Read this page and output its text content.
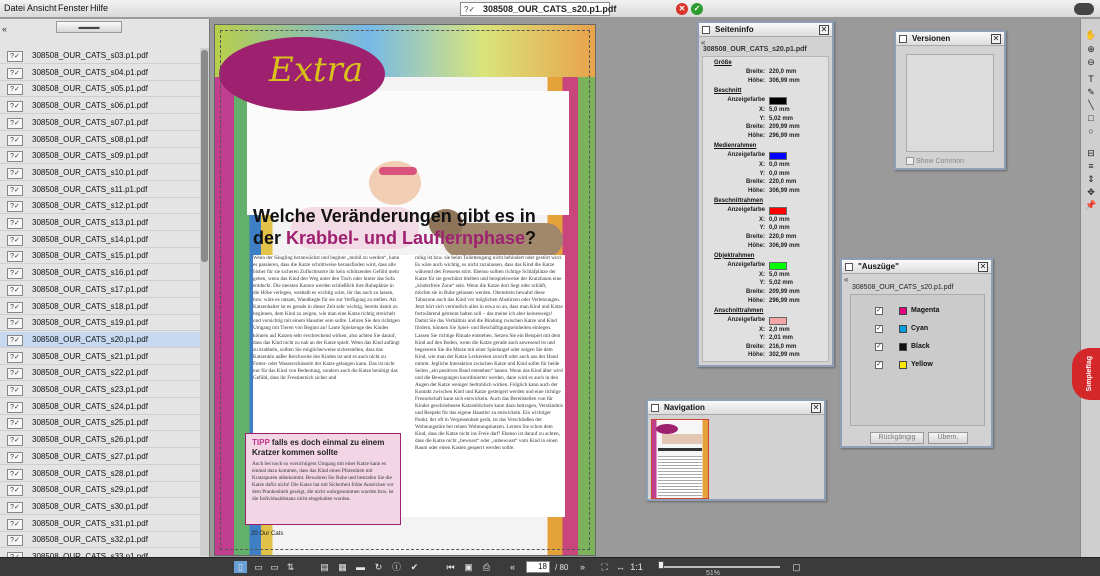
Datei Ansicht Fenster Hilfe	?✓ 308508_OUR_CATS_s20.p1.pdf	✕	✓
«	▬▬▬
?✓	308508_OUR_CATS_s03.p1.pdf
?✓	308508_OUR_CATS_s04.p1.pdf
?✓	308508_OUR_CATS_s05.p1.pdf
?✓	308508_OUR_CATS_s06.p1.pdf
?✓	308508_OUR_CATS_s07.p1.pdf
?✓	308508_OUR_CATS_s08.p1.pdf
?✓	308508_OUR_CATS_s09.p1.pdf
?✓	308508_OUR_CATS_s10.p1.pdf
?✓	308508_OUR_CATS_s11.p1.pdf
?✓	308508_OUR_CATS_s12.p1.pdf
?✓	308508_OUR_CATS_s13.p1.pdf
?✓	308508_OUR_CATS_s14.p1.pdf
?✓	308508_OUR_CATS_s15.p1.pdf
?✓	308508_OUR_CATS_s16.p1.pdf
?✓	308508_OUR_CATS_s17.p1.pdf
?✓	308508_OUR_CATS_s18.p1.pdf
?✓	308508_OUR_CATS_s19.p1.pdf
?✓	308508_OUR_CATS_s20.p1.pdf
?✓	308508_OUR_CATS_s21.p1.pdf
?✓	308508_OUR_CATS_s22.p1.pdf
?✓	308508_OUR_CATS_s23.p1.pdf
?✓	308508_OUR_CATS_s24.p1.pdf
?✓	308508_OUR_CATS_s25.p1.pdf
?✓	308508_OUR_CATS_s26.p1.pdf
?✓	308508_OUR_CATS_s27.p1.pdf
?✓	308508_OUR_CATS_s28.p1.pdf
?✓	308508_OUR_CATS_s29.p1.pdf
?✓	308508_OUR_CATS_s30.p1.pdf
?✓	308508_OUR_CATS_s31.p1.pdf
?✓	308508_OUR_CATS_s32.p1.pdf
Extra
Welche Veränderungen gibt es in
der Krabbel- und Lauflernphase?
Wenn der Säugling heranwächst und beginnt „mobil zu werden“, kann es passieren, dass die Katze schrittweise herausfinden wird, dass alle bisher für sie sicheren Zufluchtsorte ihr kein schützendes Gefühl mehr geben, wenn das Kind den Weg unter den Tisch oder hinter das Sofa entdeckt. Die meisten Katzen werden schließlich ihre Ruheplätze in die Höhe verlegen, weshalb es wichtig wäre, ihr das auch zu lassen, bzw. wäre es ratsam, Wandkegle für sie zur Verfügung zu stellen. Als Katzenhalter ist es gerade in dieser Zeit sehr wichtig, bereits damit zu beginnen, dem Kind zu zeigen, wie man eine Katze richtig streichelt und vorsichtig mit einem Haustier sein sollte. Lehren Sie den richtigen Umgang mit Tieren von Beginn an! Laute Spielzeuge des Kindes können auf Katzen sehr erschreckend wirken, also achten Sie darauf, dass das Kind nicht zu nah an der Katze spielt. Wenn das Kind anfängt zu krabbeln, sollten Sie möglicherweise sicherstellen, dass das Katzenklo außer Reichweite des Kindes ist und es auch nicht zu Futter- oder Wasserschüsseln der Katze gelangen kann. Das ist nicht nur für das Kind von Bedeutung, sondern auch die Katze benötigt das Gefühl, dass ihr Fressbereich sicher und
ruhig ist bzw. sie beim Toilettengang nicht behindert oder gestört wird. Es wäre auch wichtig, es nicht zuzulassen, dass das Kind die Katze während des Fressens stört. Ebenso sollten richtige Schlafplätze der Katze für sie geschützt bleiben und beispielsweise der Kratzbaum eine „kinderfreie Zone“ sein. Wenn die Katze dort liegt oder schläft, möchte sie in Ruhe gelassen werden. Obendrein bewahrt diese Tabuzone auch das Kind vor möglichen Abstürzen oder Verletzungen. Jetzt hört sich vermutlich alles in etwa so an, dass man Kind und Katze fortwährend getrennt halten soll – das meine ich aber keineswegs! Damit Sie das Verhältnis und die Bindung zwischen Katze und Kind fördern, können Sie Spiel- und Beschäftigungseinheiten einlegen. Lassen Sie richtige Rituale entstehen. Setzen Sie ein Beispiel mit dem Kind auf den Boden, wenn die Katze gerade auch anwesend ist und begeistern Sie die Mieze mit einer Spielangel oder zeigen Sie dem Kind, wie man der Katze Leckereien zuwirft oder auch aus der Hand nimmt. Jegliche Interaktion zwischen Katze und Kind sollte für beide Seiten „ein positives Band entstehen“ lassen. Wenn das Kind älter wird und die Bewegungen koordinierter werden, dann wird es auch in den Augen der Katze weniger bedrohlich wirken. Folglich kann auch der Kontakt zwischen Kind und Katze gesteigert werden und eine richtige Freundschaft kann sich entwickeln. Auch das Bereitstellen von für Kinder geschriebenen Katzenbüchern kann dazu beitragen, Verständnis und Respekt für das eigene Haustier zu entwickeln. Ein wichtiger Punkt, der oft in Vergessenheit gerät, ist das Verschließen der Wohnungstüre bei reinen Wohnungskatzen. Lernen Sie schon dem Kind, dass die Katze nicht ins Freie darf! Ebenso ist darauf zu achten, dass die Katze nicht „bewusst“ oder „unbewusst“ vom Kind in einen Raum oder einen Kasten gesperrt werden sollte.
TIPP falls es doch einmal zu einem Kratzer kommen sollte
Auch bei noch so vorsichtigem Umgang mit einer Katze kann es einmal dazu kommen, dass das Kind einen Pfotenhieb mit Kratzspuren abbekommt. Bewahren Sie Ruhe und bestrafen Sie die Katze dafür nicht! Die Katze hat mit Sicherheit frühe Anzeichen vor dem Prankenhieb gezeigt, die nicht wahrgenommen wurden bzw. ist die Individualdistanz nicht eingehalten worden.
20 Our Cats
Seiteninfo	✕
«
308508_OUR_CATS_s20.p1.pdf
Größe
Breite: 220,0 mm
Höhe: 306,99 mm
Beschnitt
Anzeigefarbe
X: 5,0 mm
Y: 5,02 mm
Breite: 209,99 mm
Höhe: 296,99 mm
Medienrahmen
Anzeigefarbe
X: 0,0 mm
Y: 0,0 mm
Breite: 220,0 mm
Höhe: 306,99 mm
Beschnittrahmen
Anzeigefarbe
X: 0,0 mm
Y: 0,0 mm
Breite: 220,0 mm
Höhe: 306,99 mm
Objektrahmen
Anzeigefarbe
X: 5,0 mm
Y: 5,02 mm
Breite: 209,99 mm
Höhe: 296,99 mm
Anschnittrahmen
Anzeigefarbe
X: 2,0 mm
Y: 2,01 mm
Breite: 216,0 mm
Höhe: 302,99 mm
Versionen	✕
Show Common
"Auszüge"	✕
«
308508_OUR_CATS_s20.p1.pdf
✓	Magenta
✓	Cyan
✓	Black
✓	Yellow
Rückgängig	Übern.
Navigation	✕
✋
⊕
⊖
T
✎
╲
□
○
⊟
≡
⇕
✥
📌
Simpleflag
▯	▭ ▭ ⇅	▤ ▦ ▬	↻	ⓘ	✔	⏮ ▣	⎙	«	18	/ 80	»	⛶ ↔ 1:1
51%
▢
